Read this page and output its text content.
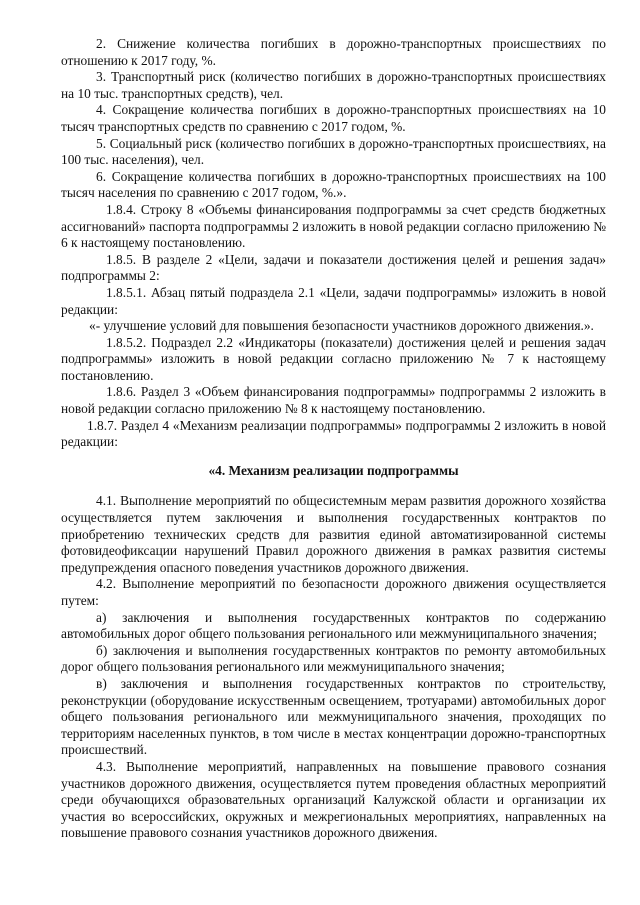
2. Снижение количества погибших в дорожно-транспортных происшествиях по отношению к 2017 году, %.

3. Транспортный риск (количество погибших в дорожно-транспортных происшествиях на 10 тыс. транспортных средств), чел.

4. Сокращение количества погибших в дорожно-транспортных происшествиях на 10 тысяч транспортных средств по сравнению с 2017 годом, %.

5. Социальный риск (количество погибших в дорожно-транспортных происшествиях, на 100 тыс. населения), чел.

6. Сокращение количества погибших в дорожно-транспортных происшествиях на 100 тысяч населения по сравнению с 2017 годом, %.».

1.8.4. Строку 8 «Объемы финансирования подпрограммы за счет средств бюджетных ассигнований» паспорта подпрограммы 2 изложить в новой редакции согласно приложению № 6 к настоящему постановлению.

1.8.5. В разделе 2 «Цели, задачи и показатели достижения целей и решения задач» подпрограммы 2:

1.8.5.1. Абзац пятый подраздела 2.1 «Цели, задачи подпрограммы» изложить в новой редакции:

«- улучшение условий для повышения безопасности участников дорожного движения.».

1.8.5.2. Подраздел 2.2 «Индикаторы (показатели) достижения целей и решения задач подпрограммы» изложить в новой редакции согласно приложению № 7 к настоящему постановлению.

1.8.6. Раздел 3 «Объем финансирования подпрограммы» подпрограммы 2 изложить в новой редакции согласно приложению № 8 к настоящему постановлению.

1.8.7. Раздел 4 «Механизм реализации подпрограммы» подпрограммы 2 изложить в новой редакции:

«4. Механизм реализации подпрограммы

4.1. Выполнение мероприятий по общесистемным мерам развития дорожного хозяйства осуществляется путем заключения и выполнения государственных контрактов по приобретению технических средств для развития единой автоматизированной системы фотовидеофиксации нарушений Правил дорожного движения в рамках развития системы предупреждения опасного поведения участников дорожного движения.

4.2. Выполнение мероприятий по безопасности дорожного движения осуществляется путем:

а) заключения и выполнения государственных контрактов по содержанию автомобильных дорог общего пользования регионального или межмуниципального значения;

б) заключения и выполнения государственных контрактов по ремонту автомобильных дорог общего пользования регионального или межмуниципального значения;

в) заключения и выполнения государственных контрактов по строительству, реконструкции (оборудование искусственным освещением, тротуарами) автомобильных дорог общего пользования регионального или межмуниципального значения, проходящих по территориям населенных пунктов, в том числе в местах концентрации дорожно-транспортных происшествий.

4.3. Выполнение мероприятий, направленных на повышение правового сознания участников дорожного движения, осуществляется путем проведения областных мероприятий среди обучающихся образовательных организаций Калужской области и организации их участия во всероссийских, окружных и межрегиональных мероприятиях, направленных на повышение правового сознания участников дорожного движения.
